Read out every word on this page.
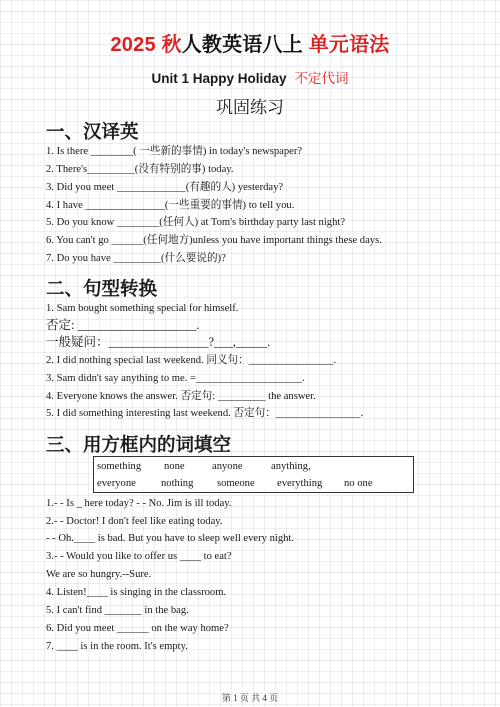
2025 秋人教英语八上 单元语法
Unit 1 Happy Holiday 不定代词
巩固练习
一、汉译英
1. Is there ________( 一些新的事情) in today's newspaper?
2. There's_________(没有特别的事) today.
3. Did you meet _____________(有趣的人) yesterday?
4. I have _______________(一些重要的事情) to tell you.
5. Do you know ________(任何人) at Tom's birthday party last night?
6. You can't go ______(任何地方)unless you have important things these days.
7. Do you have _________(什么要说的)?
二、句型转换
1. Sam bought something special for himself.
否定: ___________________.
一般疑问：________________?___,_____.
2. I did nothing special last weekend. 同义句：________________.
3. Sam didn't say anything to me. =____________________.
4. Everyone knows the answer. 否定句: _________ the answer.
5. I did something interesting last weekend. 否定句：________________.
三、用方框内的词填空
something none	anyone	anything,
everyone nothing someone everything no one
1.- - Is _ here today? - - No. Jim is ill today.
2.- - Doctor! I don't feel like eating today.
- - Oh.____ is bad. But you have to sleep well every night.
3.- - Would you like to offer us ____ to eat?
We are so hungry.--Sure.
4. Listen!____ is singing in the classroom.
5. I can't find _______ in the bag.
6. Did you meet ______ on the way home?
7. ____ is in the room. It's empty.
第 1 页 共 4 页
